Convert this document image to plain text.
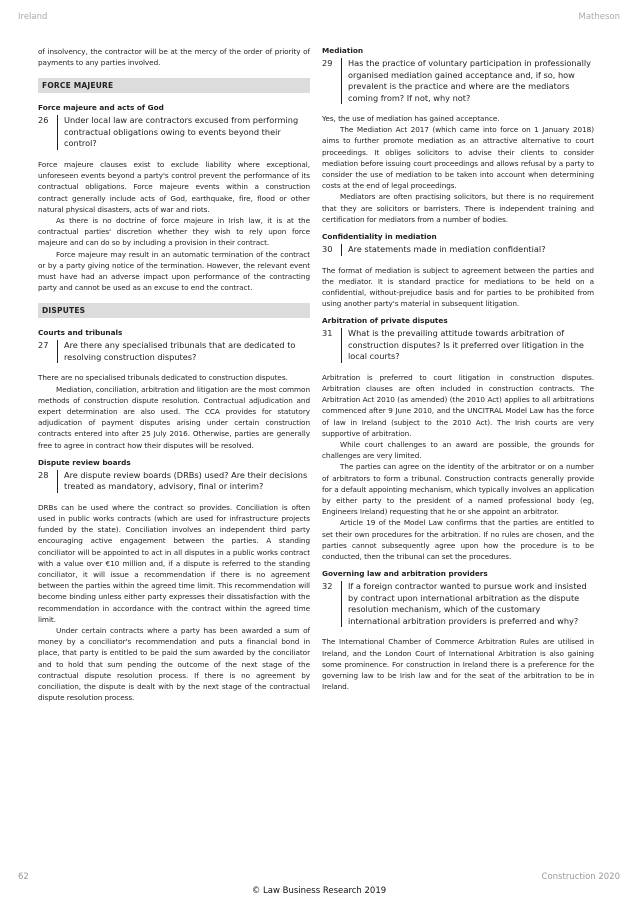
Ireland	Matheson

of insolvency, the contractor will be at the mercy of the order of priority of payments to any parties involved.

FORCE MAJEURE
Force majeure and acts of God
26	Under local law are contractors excused from performing contractual obligations owing to events beyond their control?

Force majeure clauses exist to exclude liability where exceptional, unforeseen events beyond a party's control prevent the performance of its contractual obligations. Force majeure events within a construction contract generally include acts of God, earthquake, fire, flood or other natural physical disasters, acts of war and riots.

As there is no doctrine of force majeure in Irish law, it is at the contractual parties' discretion whether they wish to rely upon force majeure and can do so by including a provision in their contract.

Force majeure may result in an automatic termination of the contract or by a party giving notice of the termination. However, the relevant event must have had an adverse impact upon performance of the contracting party and cannot be used as an excuse to end the contract.

DISPUTES
Courts and tribunals
27	Are there any specialised tribunals that are dedicated to resolving construction disputes?

There are no specialised tribunals dedicated to construction disputes.

Mediation, conciliation, arbitration and litigation are the most common methods of construction dispute resolution. Contractual adjudication and expert determination are also used. The CCA provides for statutory adjudication of payment disputes arising under certain construction contracts entered into after 25 July 2016. Otherwise, parties are generally free to agree in contract how their disputes will be resolved.

Dispute review boards
28	Are dispute review boards (DRBs) used? Are their decisions treated as mandatory, advisory, final or interim?

DRBs can be used where the contract so provides. Conciliation is often used in public works contracts (which are used for infrastructure projects funded by the state). Conciliation involves an independent third party encouraging active engagement between the parties. A standing conciliator will be appointed to act in all disputes in a public works contract with a value over €10 million and, if a dispute is referred to the standing conciliator, it will issue a recommendation if there is no agreement between the parties within the agreed time limit. This recommendation will become binding unless either party expresses their dissatisfaction with the recommendation in accordance with the contract within the agreed time limit.

Under certain contracts where a party has been awarded a sum of money by a conciliator's recommendation and puts a financial bond in place, that party is entitled to be paid the sum awarded by the conciliator and to hold that sum pending the outcome of the next stage of the contractual dispute resolution process. If there is no agreement by conciliation, the dispute is dealt with by the next stage of the contractual dispute resolution process.

Mediation
29	Has the practice of voluntary participation in professionally organised mediation gained acceptance and, if so, how prevalent is the practice and where are the mediators coming from? If not, why not?

Yes, the use of mediation has gained acceptance.

The Mediation Act 2017 (which came into force on 1 January 2018) aims to further promote mediation as an attractive alternative to court proceedings. It obliges solicitors to advise their clients to consider mediation before issuing court proceedings and allows refusal by a party to consider the use of mediation to be taken into account when determining costs at the end of legal proceedings.

Mediators are often practising solicitors, but there is no requirement that they are solicitors or barristers. There is independent training and certification for mediators from a number of bodies.

Confidentiality in mediation
30	Are statements made in mediation confidential?

The format of mediation is subject to agreement between the parties and the mediator. It is standard practice for mediations to be held on a confidential, without-prejudice basis and for parties to be prohibited from using another party's material in subsequent litigation.

Arbitration of private disputes
31	What is the prevailing attitude towards arbitration of construction disputes? Is it preferred over litigation in the local courts?

Arbitration is preferred to court litigation in construction disputes. Arbitration clauses are often included in construction contracts. The Arbitration Act 2010 (as amended) (the 2010 Act) applies to all arbitrations commenced after 9 June 2010, and the UNCITRAL Model Law has the force of law in Ireland (subject to the 2010 Act). The Irish courts are very supportive of arbitration.

While court challenges to an award are possible, the grounds for challenges are very limited.

The parties can agree on the identity of the arbitrator or on a number of arbitrators to form a tribunal. Construction contracts generally provide for a default appointing mechanism, which typically involves an application by either party to the president of a named professional body (eg, Engineers Ireland) requesting that he or she appoint an arbitrator.

Article 19 of the Model Law confirms that the parties are entitled to set their own procedures for the arbitration. If no rules are chosen, and the parties cannot subsequently agree upon how the procedure is to be conducted, then the tribunal can set the procedures.

Governing law and arbitration providers
32	If a foreign contractor wanted to pursue work and insisted by contract upon international arbitration as the dispute resolution mechanism, which of the customary international arbitration providers is preferred and why?

The International Chamber of Commerce Arbitration Rules are utilised in Ireland, and the London Court of International Arbitration is also gaining some prominence. For construction in Ireland there is a preference for the governing law to be Irish law and for the seat of the arbitration to be in Ireland.

62	Construction 2020
© Law Business Research 2019
